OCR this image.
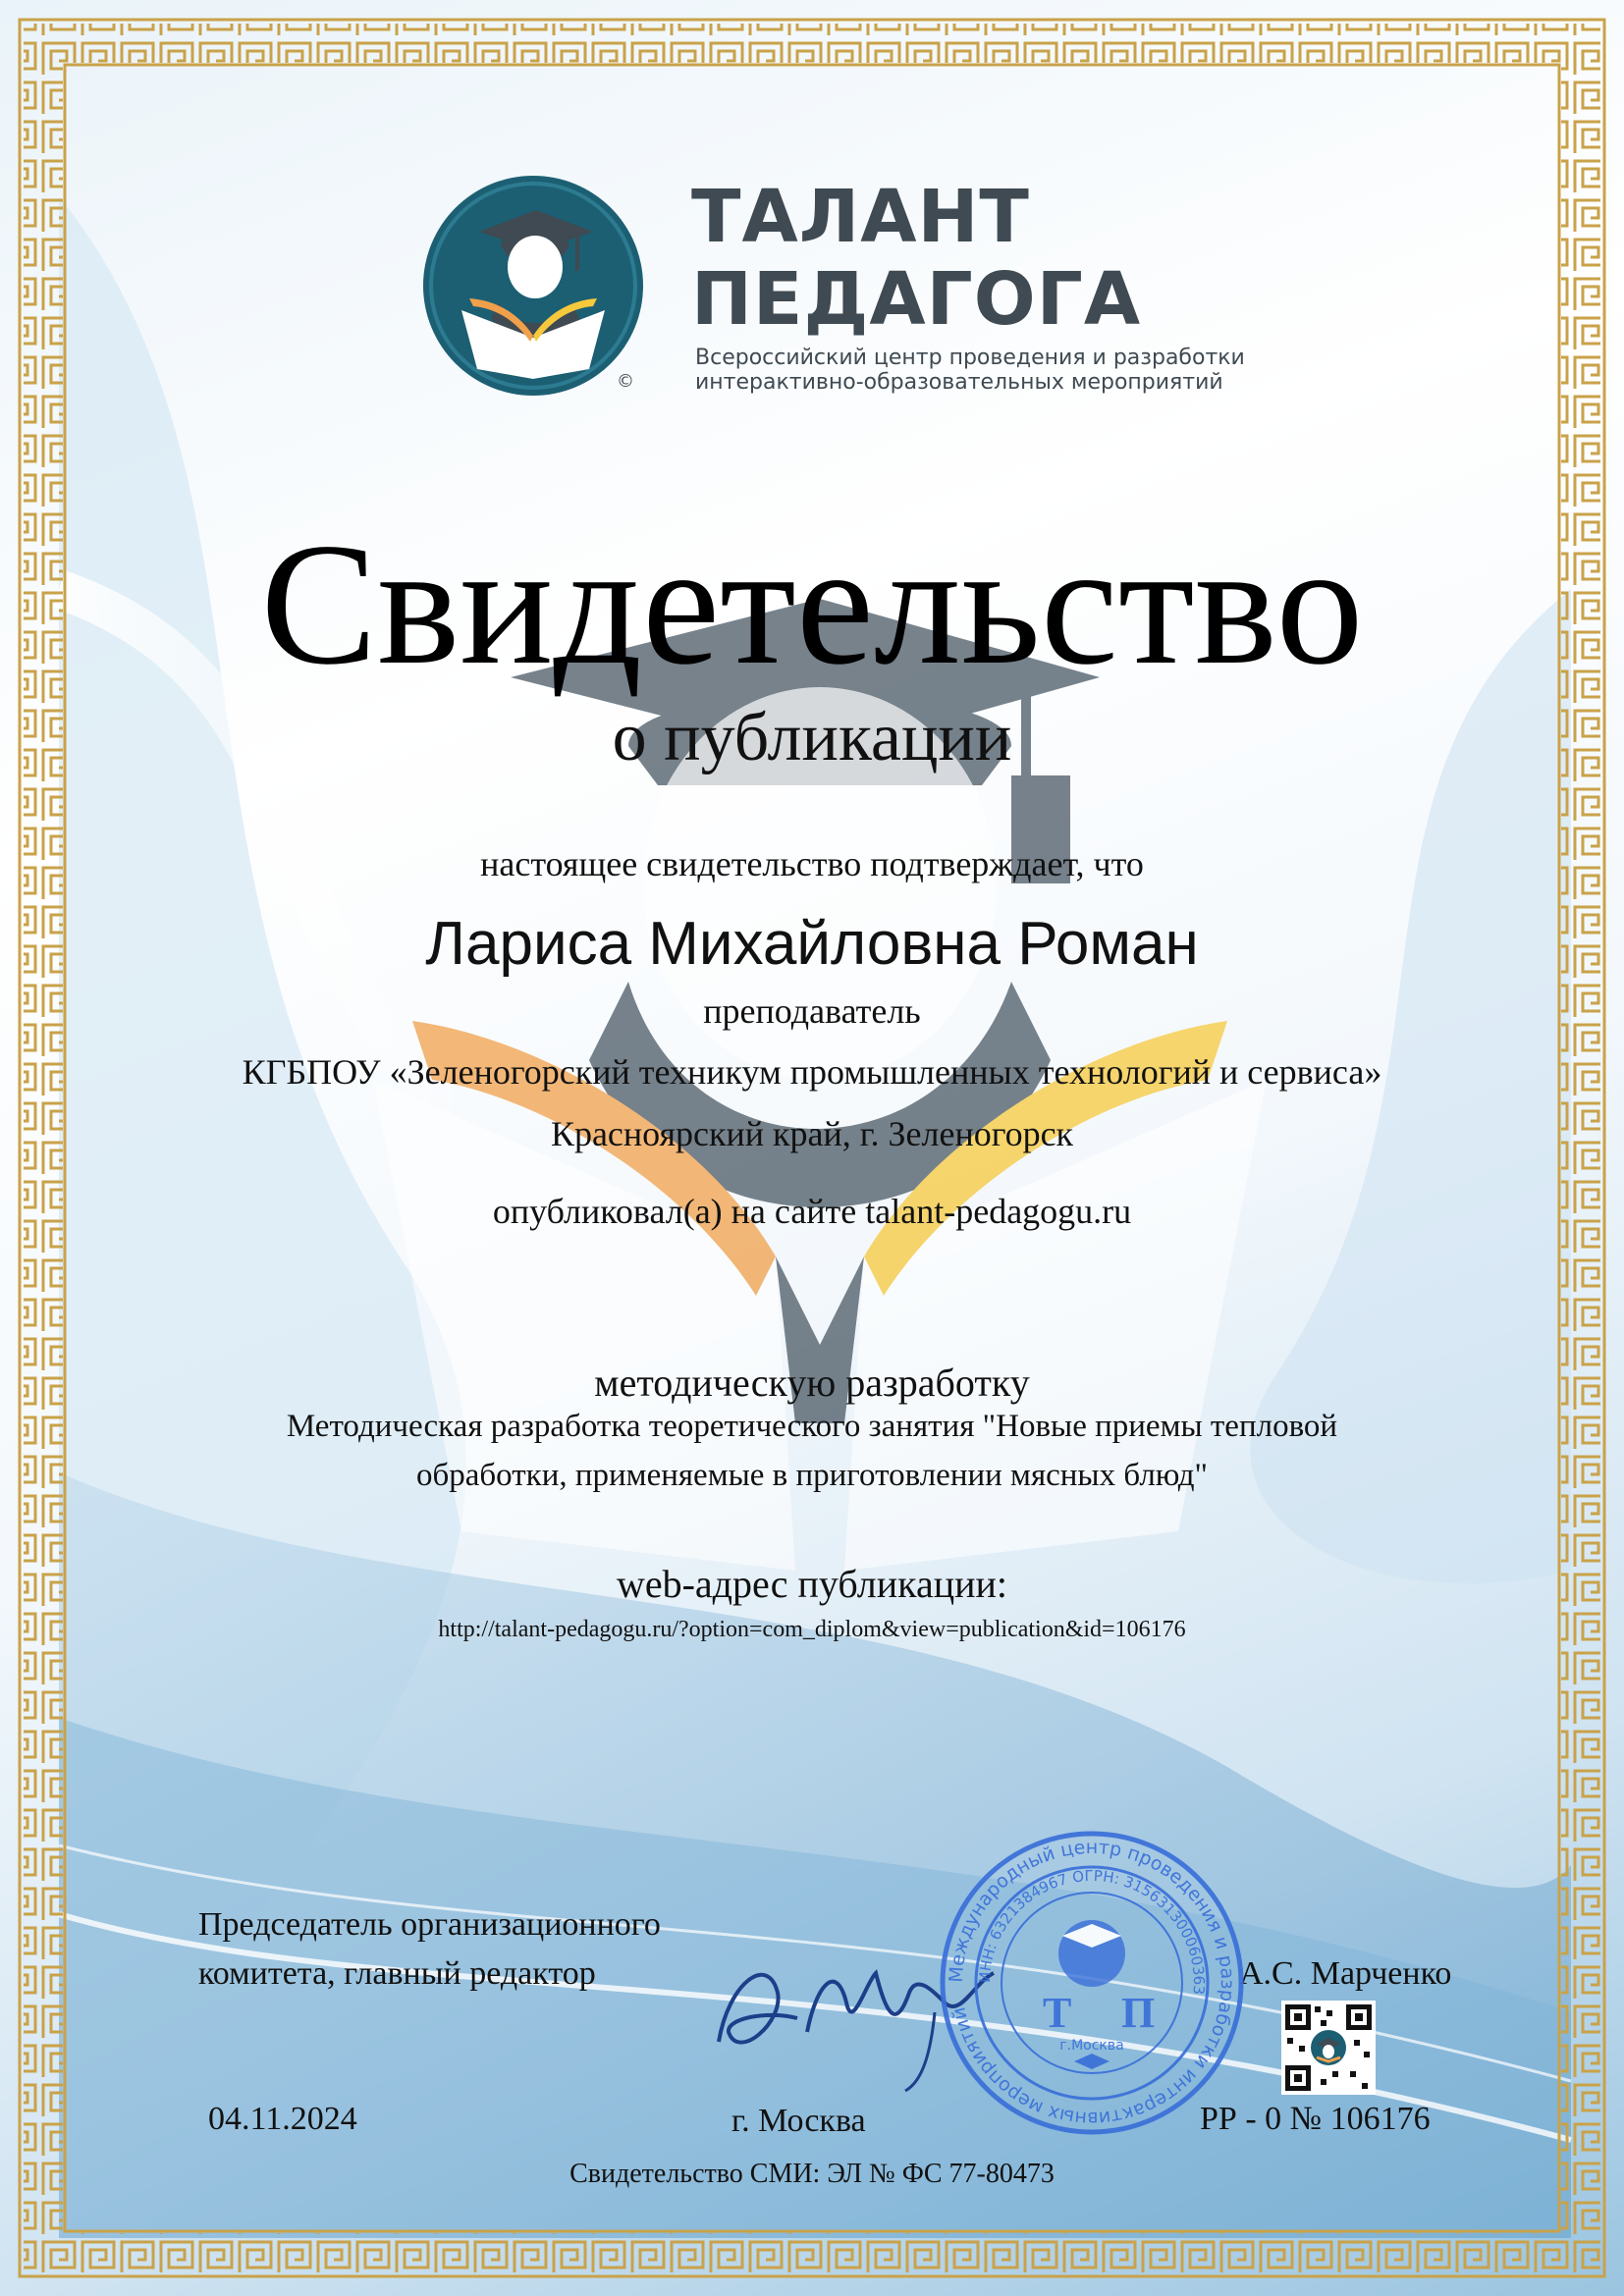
©
ТАЛАНТ
ПЕДАГОГА
Всероссийский центр проведения и разработки
интерактивно-образовательных мероприятий
Свидетельство
о публикации
настоящее свидетельство подтверждает, что
Лариса Михайловна Роман
преподаватель
КГБПОУ «Зеленогорский техникум промышленных технологий и сервиса»
Красноярский край, г. Зеленогорск
опубликовал(а) на сайте talant-pedagogu.ru
методическую разработку
Методическая разработка теоретического занятия "Новые приемы тепловой
обработки, применяемые в приготовлении мясных блюд"
web-адрес публикации:
http://talant-pedagogu.ru/?option=com_diplom&view=publication&id=106176
Председатель организационного
комитета, главный редактор	А.С. Марченко
Международный центр проведения и разработки интерактивных мероприятий
ИНН: 6321384967 ОГРН: 315631300060363
Т П
г.Москва
04.11.2024	г. Москва	РР - 0 № 106176
Свидетельство СМИ: ЭЛ № ФС 77-80473
